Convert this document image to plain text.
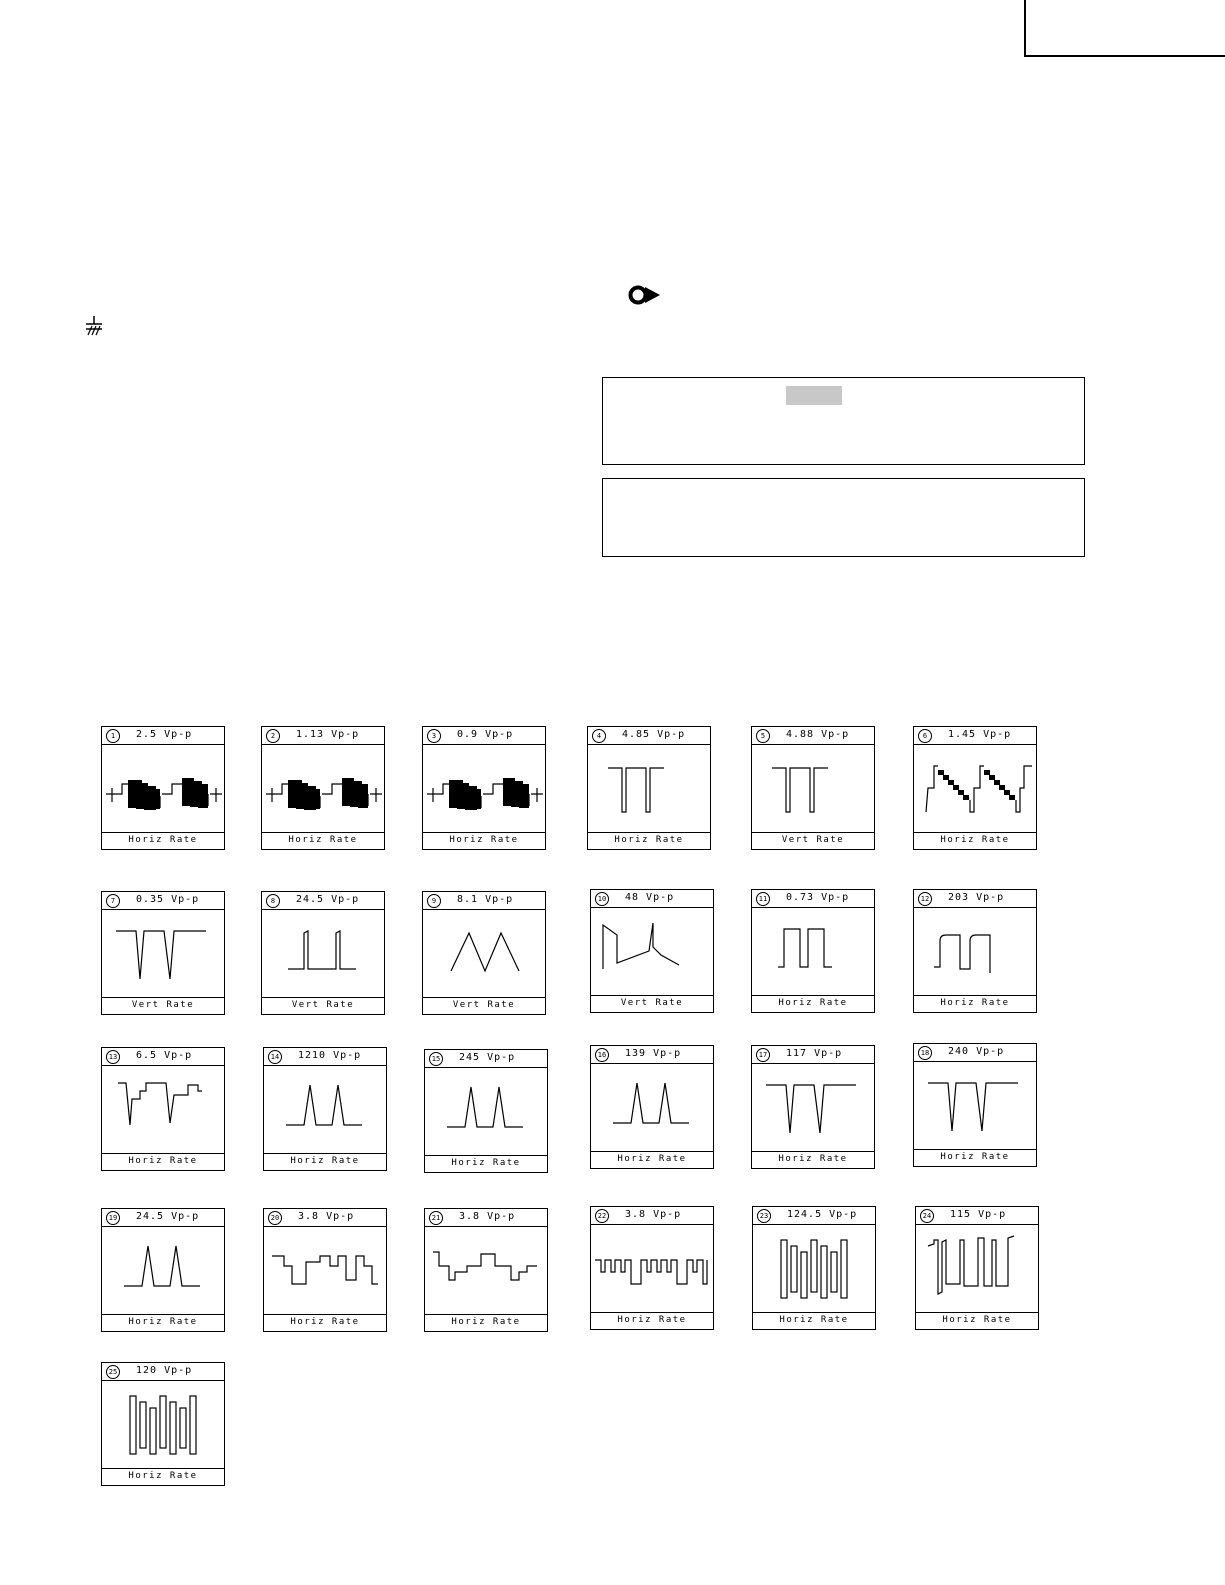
1	2.5 Vp-p
Horiz Rate
2	1.13 Vp-p
Horiz Rate
3	0.9 Vp-p
Horiz Rate
4	4.85 Vp-p
Horiz Rate
5	4.88 Vp-p
Vert Rate
6	1.45 Vp-p
Horiz Rate
7	0.35 Vp-p
Vert Rate
8	24.5 Vp-p
Vert Rate
9	8.1 Vp-p
Vert Rate
10 48 Vp-p
Vert Rate
11 0.73 Vp-p
Horiz Rate
12 203 Vp-p
Horiz Rate
13 6.5 Vp-p
Horiz Rate
14 1210 Vp-p
Horiz Rate
15 245 Vp-p
Horiz Rate
16 139 Vp-p
Horiz Rate
17 117 Vp-p
Horiz Rate
18 240 Vp-p
Horiz Rate
19 24.5 Vp-p
Horiz Rate
20 3.8 Vp-p
Horiz Rate
21 3.8 Vp-p
Horiz Rate
22 3.8 Vp-p
Horiz Rate
23 124.5 Vp-p
Horiz Rate
24 115 Vp-p
Horiz Rate
25 120 Vp-p
Horiz Rate
